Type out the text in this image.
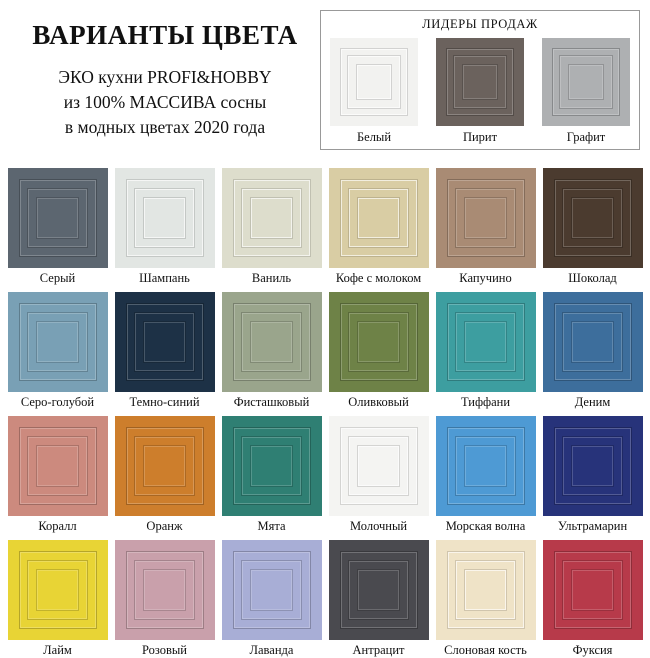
ВАРИАНТЫ ЦВЕТА
ЭКО кухни PROFI&HOBBY
из 100% МАССИВА сосны
в модных цветах 2020 года
ЛИДЕРЫ ПРОДАЖ
Белый	Пирит	Графит
Серый	Шампань	Ваниль	Кофе с молоком	Капучино	Шоколад
Серо-голубой	Темно-синий	Фисташковый	Оливковый	Тиффани	Деним
Коралл	Оранж	Мята	Молочный	Морская волна	Ультрамарин
Лайм	Розовый	Лаванда	Антрацит	Слоновая кость	Фуксия
